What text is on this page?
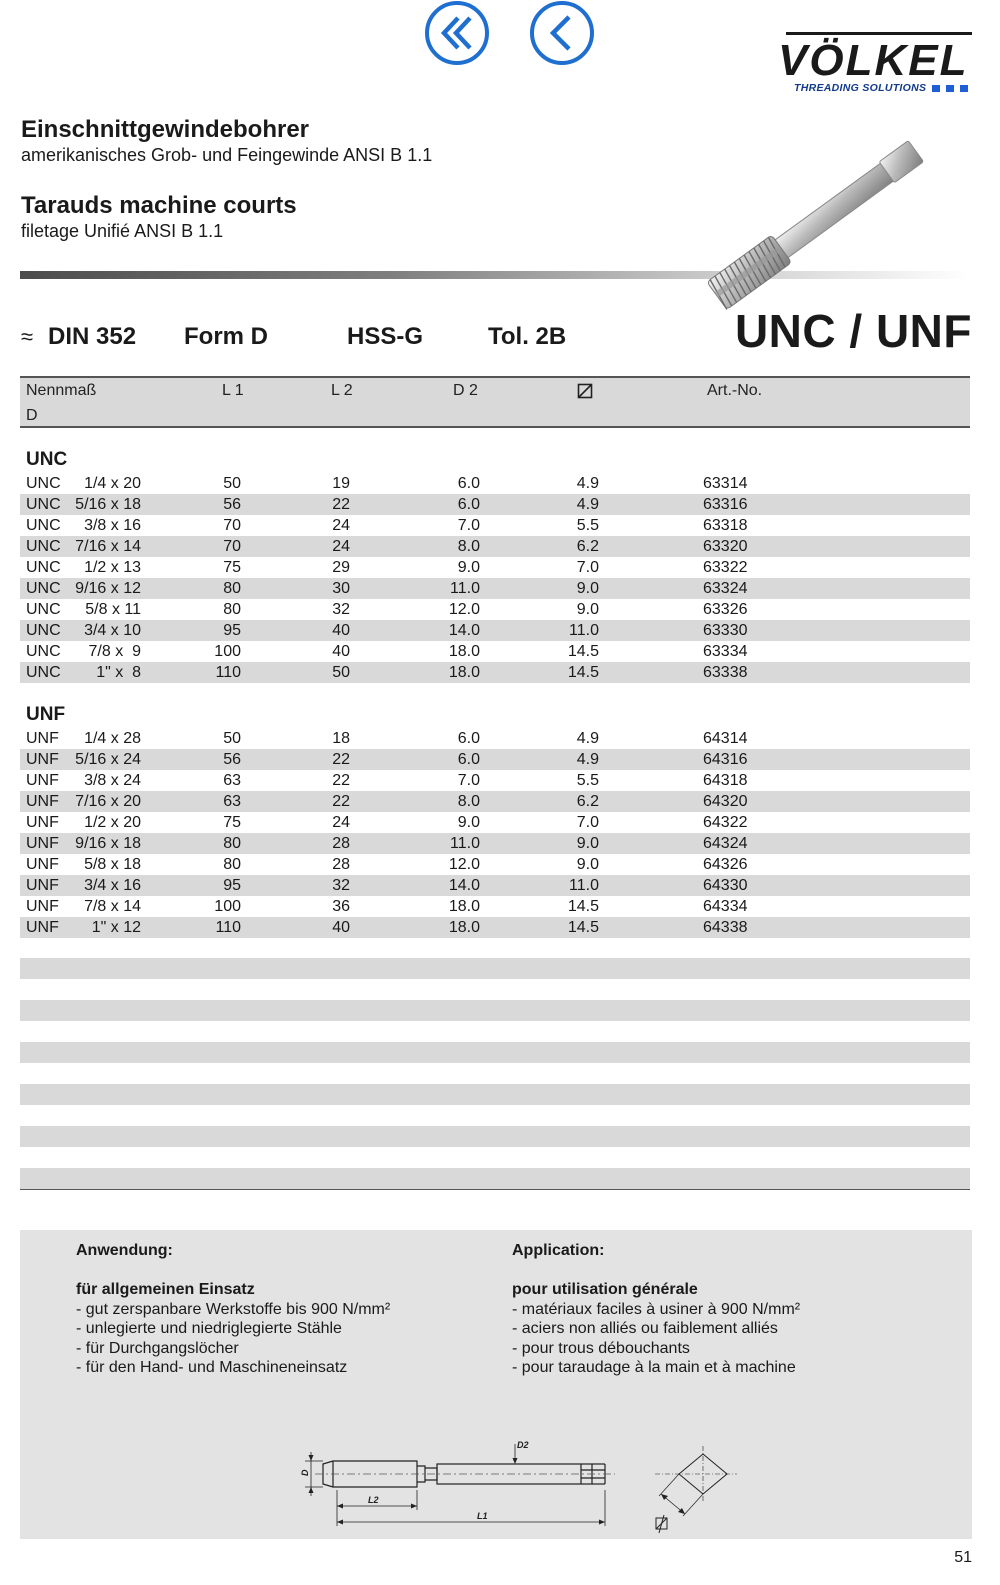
VÖLKEL
THREADING SOLUTIONS
Einschnittgewindebohrer
amerikanisches Grob- und Feingewinde ANSI B 1.1
Tarauds machine courts
filetage Unifié ANSI B 1.1
≈ DIN 352 Form D	HSS-G	Tol. 2B	UNC / UNF
Nennmaß
D
L 1	L 2	D 2	Art.-No.
UNC
UNF
UNC 1/4 x 20	50	19	6.0	4.9	63314
UNC 5/16 x 18	56	22	6.0	4.9	63316
UNC 3/8 x 16	70	24	7.0	5.5	63318
UNC 7/16 x 14	70	24	8.0	6.2	63320
UNC 1/2 x 13	75	29	9.0	7.0	63322
UNC 9/16 x 12	80	30	11.0	9.0	63324
UNC 5/8 x 11	80	32	12.0	9.0	63326
UNC 3/4 x 10	95	40	14.0	11.0	63330
UNC 7/8 x  9	100	40	18.0	14.5	63334
UNC 1" x  8	110	50	18.0	14.5	63338
UNF 1/4 x 28	50	18	6.0	4.9	64314
UNF 5/16 x 24	56	22	6.0	4.9	64316
UNF 3/8 x 24	63	22	7.0	5.5	64318
UNF 7/16 x 20	63	22	8.0	6.2	64320
UNF 1/2 x 20	75	24	9.0	7.0	64322
UNF 9/16 x 18	80	28	11.0	9.0	64324
UNF 5/8 x 18	80	28	12.0	9.0	64326
UNF 3/4 x 16	95	32	14.0	11.0	64330
UNF 7/8 x 14	100	36	18.0	14.5	64334
UNF 1" x 12	110	40	18.0	14.5	64338
Anwendung:
für allgemeinen Einsatz
- gut zerspanbare Werkstoffe bis 900 N/mm²
- unlegierte und niedriglegierte Stähle
- für Durchgangslöcher
- für den Hand- und Maschineneinsatz
Application:
pour utilisation générale
- matériaux faciles à usiner à 900 N/mm²
- aciers non alliés ou faiblement alliés
- pour trous débouchants
- pour taraudage à la main et à machine
D
D2
L2
L1
51
